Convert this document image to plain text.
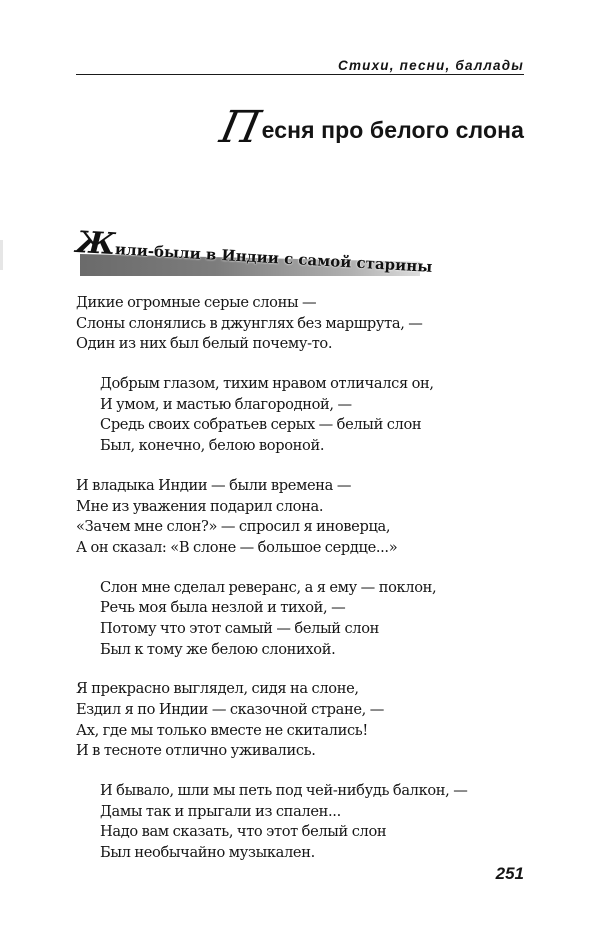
Стихи, песни, баллады
П
есня про белого слона
Ж
или-были в Индии с самой старины
Дикие огромные серые слоны —
Слоны слонялись в джунглях без маршрута, —
Один из них был белый почему-то.
Добрым глазом, тихим нравом отличался он,
И умом, и мастью благородной, —
Средь своих собратьев серых — белый слон
Был, конечно, белою вороной.
И владыка Индии — были времена —
Мне из уважения подарил слона.
«Зачем мне слон?» — спросил я иноверца,
А он сказал: «В слоне — большое сердце...»
Слон мне сделал реверанс, а я ему — поклон,
Речь моя была незлой и тихой, —
Потому что этот самый — белый слон
Был к тому же белою слонихой.
Я прекрасно выглядел, сидя на слоне,
Ездил я по Индии — сказочной стране, —
Ах, где мы только вместе не скитались!
И в тесноте отлично уживались.
И бывало, шли мы петь под чей-нибудь балкон, —
Дамы так и прыгали из спален...
Надо вам сказать, что этот белый слон
Был необычайно музыкален.
251
